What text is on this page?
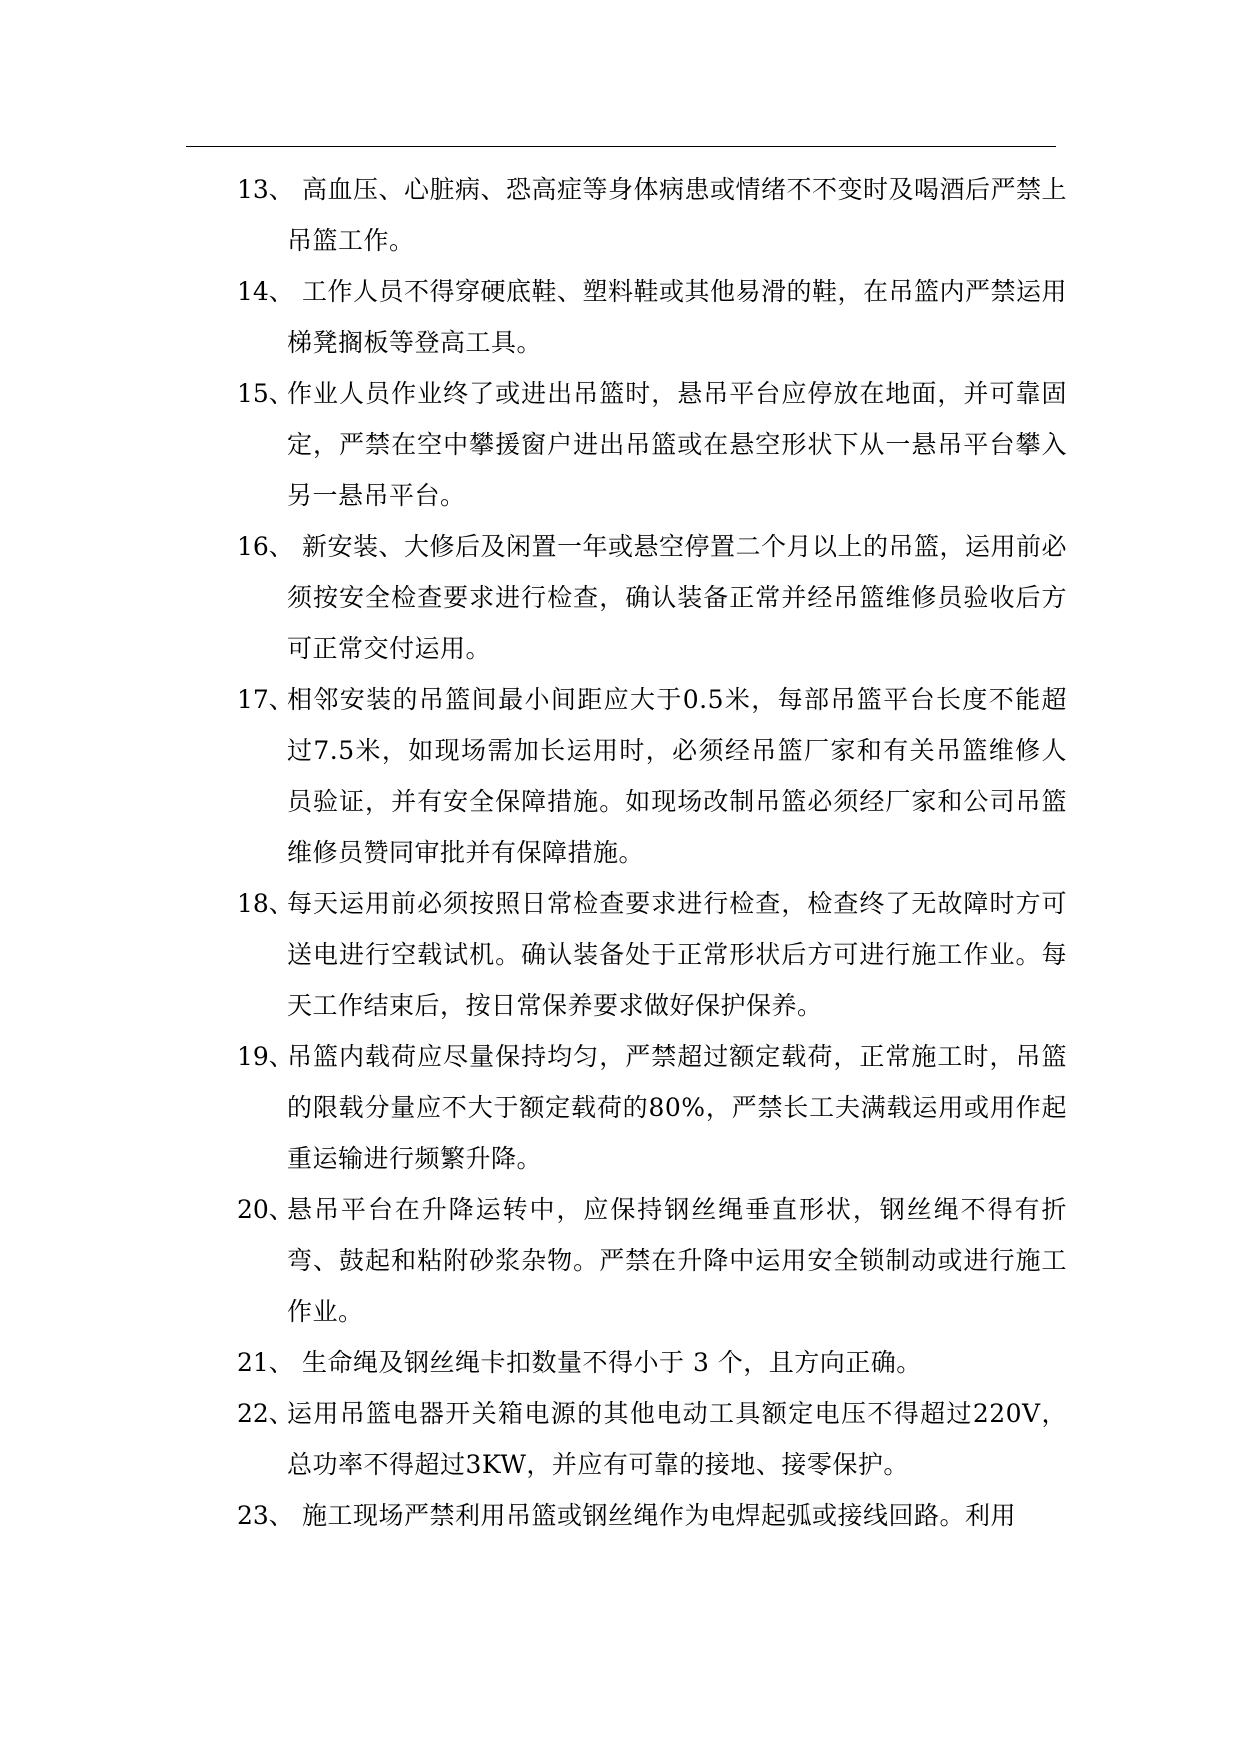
13、 高血压、心脏病、恐高症等身体病患或情绪不不变时及喝酒后严禁上吊篮工作。
14、 工作人员不得穿硬底鞋、塑料鞋或其他易滑的鞋，在吊篮内严禁运用梯凳搁板等登高工具。
15、
作业人员作业终了或进出吊篮时，悬吊平台应停放在地面，并可靠固定，严禁在空中攀援窗户进出吊篮或在悬空形状下从一悬吊平台攀入另一悬吊平台。
16、 新安装、大修后及闲置一年或悬空停置二个月以上的吊篮，运用前必须按安全检查要求进行检查，确认装备正常并经吊篮维修员验收后方可正常交付运用。
17、
相邻安装的吊篮间最小间距应大于0.5米，每部吊篮平台长度不能超过7.5米，如现场需加长运用时，必须经吊篮厂家和有关吊篮维修人员验证，并有安全保障措施。如现场改制吊篮必须经厂家和公司吊篮维修员赞同审批并有保障措施。
18、
每天运用前必须按照日常检查要求进行检查，检查终了无故障时方可送电进行空载试机。确认装备处于正常形状后方可进行施工作业。每天工作结束后，按日常保养要求做好保护保养。
19、
吊篮内载荷应尽量保持均匀，严禁超过额定载荷，正常施工时，吊篮的限载分量应不大于额定载荷的80%，严禁长工夫满载运用或用作起重运输进行频繁升降。
20、
悬吊平台在升降运转中，应保持钢丝绳垂直形状，钢丝绳不得有折弯、鼓起和粘附砂浆杂物。严禁在升降中运用安全锁制动或进行施工作业。
21、 生命绳及钢丝绳卡扣数量不得小于 3 个，且方向正确。
22、
运用吊篮电器开关箱电源的其他电动工具额定电压不得超过220V，总功率不得超过3KW，并应有可靠的接地、接零保护。
23、 施工现场严禁利用吊篮或钢丝绳作为电焊起弧或接线回路。利用
